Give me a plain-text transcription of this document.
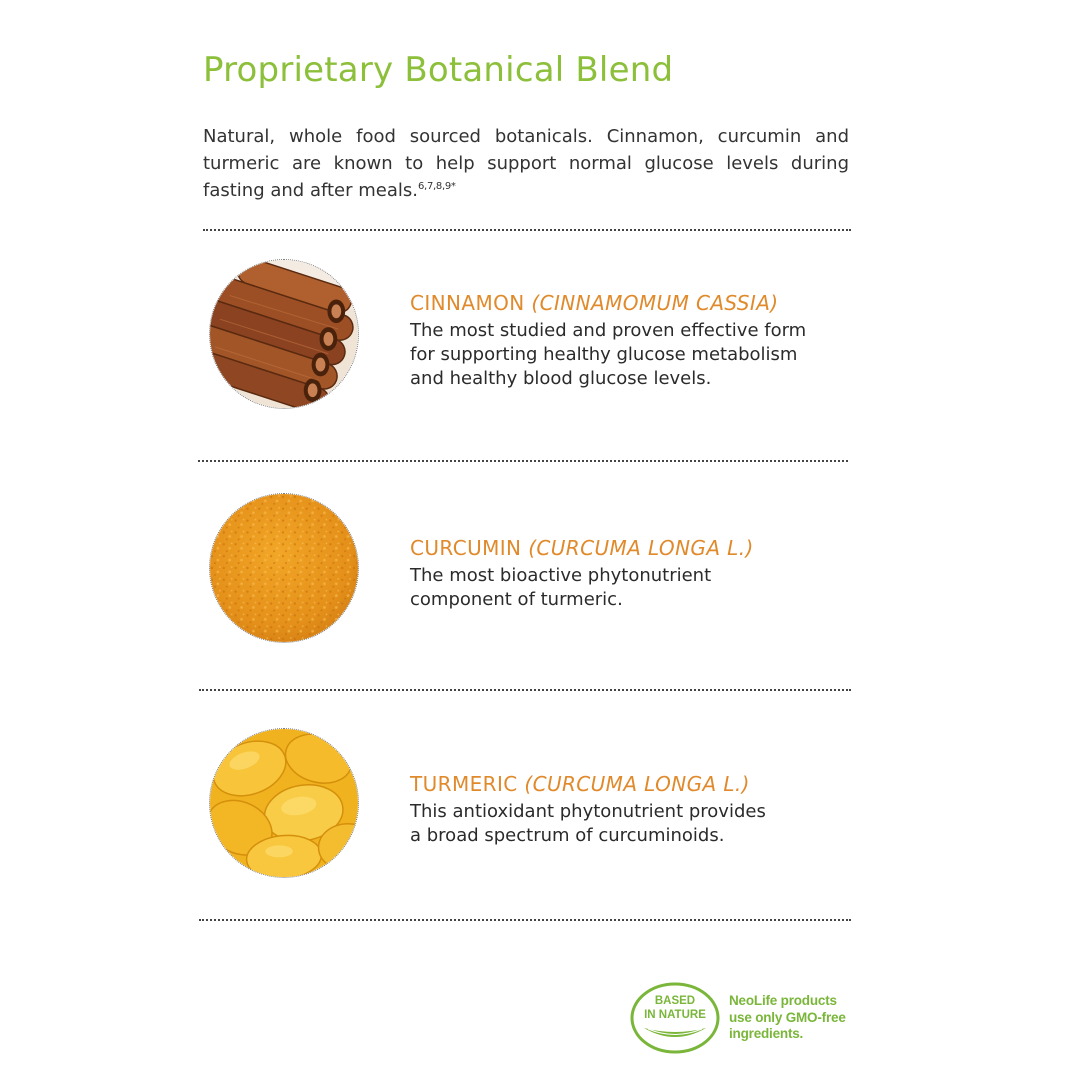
Proprietary Botanical Blend

Natural, whole food sourced botanicals. Cinnamon, curcumin and turmeric are known to help support normal glucose levels during fasting and after meals.$^{6,7,8,9*}$

CINNAMON (CINNAMOMUM CASSIA)

The most studied and proven effective form
for supporting healthy glucose metabolism
and healthy blood glucose levels.

CURCUMIN (CURCUMA LONGA L.)

The most bioactive phytonutrient
component of turmeric.

TURMERIC (CURCUMA LONGA L.)

This antioxidant phytonutrient provides
a broad spectrum of curcuminoids.

BASED
IN NATURE
NeoLife products
use only GMO-free
ingredients.
